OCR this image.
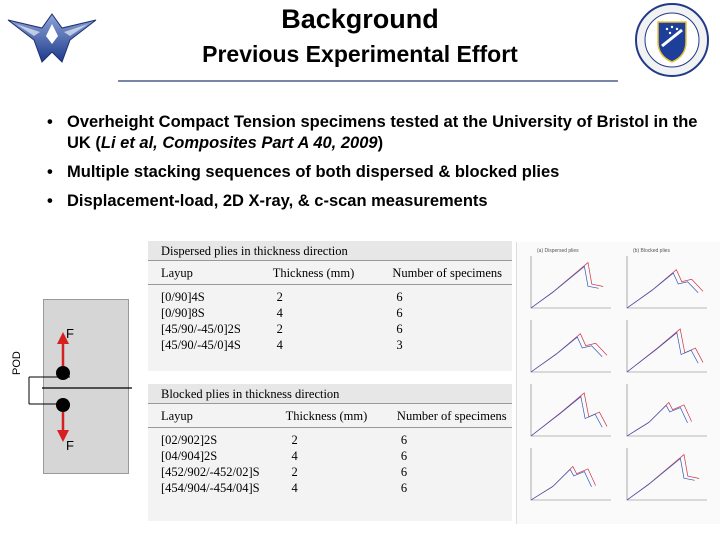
Background
Previous Experimental Effort
• Overheight Compact Tension specimens tested at the University of Bristol in the UK (Li et al, Composites Part A 40, 2009)
• Multiple stacking sequences of both dispersed & blocked plies
• Displacement-load, 2D X-ray, & c-scan measurements
F
F
POD
Dispersed plies in thickness direction
Layup	Thickness (mm)	Number of specimens
[0/90]4S	2	6
[0/90]8S	4	6
[45/90/-45/0]2S	2	6
[45/90/-45/0]4S	4	3
Blocked plies in thickness direction
Layup	Thickness (mm)	Number of specimens
[02/902]2S	2	6
[04/904]2S	4	6
[452/902/-452/02]S	2	6
[454/904/-454/04]S	4	6
(a) Dispersed plies	(b) Blocked plies
